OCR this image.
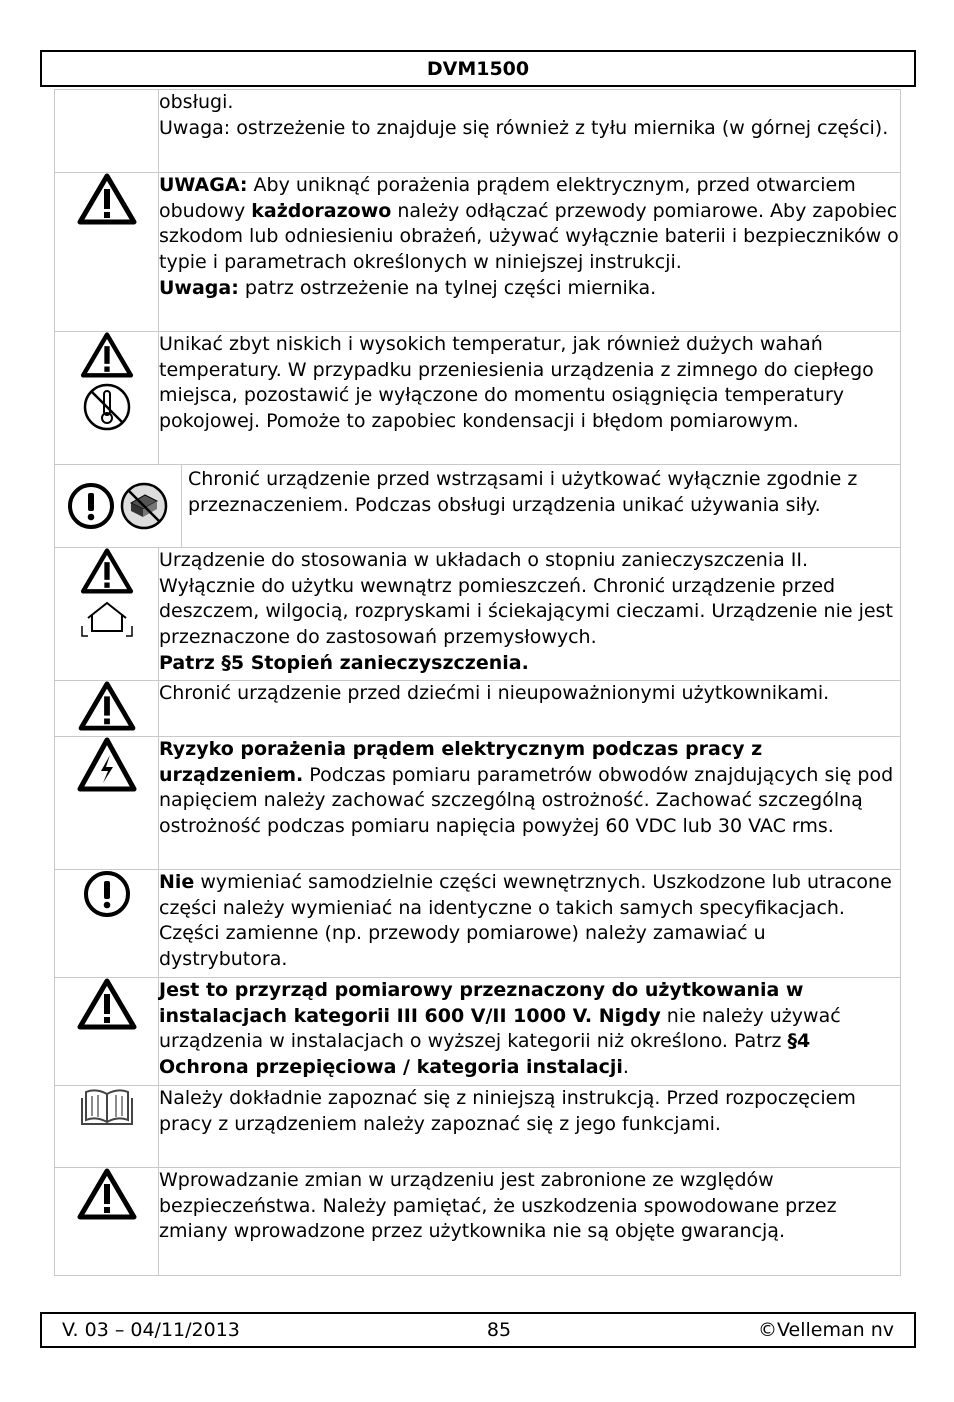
DVM1500

	obsługi.
Uwaga: ostrzeżenie to znajduje się również z tyłu miernika (w górnej części).

	UWAGA: Aby uniknąć porażenia prądem elektrycznym, przed otwarciem obudowy każdorazowo należy odłączać przewody pomiarowe. Aby zapobiec szkodom lub odniesieniu obrażeń, używać wyłącznie baterii i bezpieczników o typie i parametrach określonych w niniejszej instrukcji.
Uwaga: patrz ostrzeżenie na tylnej części miernika.

	Unikać zbyt niskich i wysokich temperatur, jak również dużych wahań temperatury. W przypadku przeniesienia urządzenia z zimnego do ciepłego miejsca, pozostawić je wyłączone do momentu osiągnięcia temperatury pokojowej. Pomoże to zapobiec kondensacji i błędom pomiarowym.

Chronić urządzenie przed wstrząsami i użytkować wyłącznie zgodnie z przeznaczeniem. Podczas obsługi urządzenia unikać używania siły.	

	Urządzenie do stosowania w układach o stopniu zanieczyszczenia II. Wyłącznie do użytku wewnątrz pomieszczeń. Chronić urządzenie przed deszczem, wilgocią, rozpryskami i ściekającymi cieczami. Urządzenie nie jest przeznaczone do zastosowań przemysłowych.
Patrz §5 Stopień zanieczyszczenia.
	Chronić urządzenie przed dziećmi i nieupoważnionymi użytkownikami.
	Ryzyko porażenia prądem elektrycznym podczas pracy z urządzeniem. Podczas pomiaru parametrów obwodów znajdujących się pod napięciem należy zachować szczególną ostrożność. Zachować szczególną ostrożność podczas pomiaru napięcia powyżej 60 VDC lub 30 VAC rms.
	Nie wymieniać samodzielnie części wewnętrznych. Uszkodzone lub utracone części należy wymieniać na identyczne o takich samych specyfikacjach. Części zamienne (np. przewody pomiarowe) należy zamawiać u dystrybutora.
	Jest to przyrząd pomiarowy przeznaczony do użytkowania w instalacjach kategorii III 600 V/II 1000 V. Nigdy nie należy używać urządzenia w instalacjach o wyższej kategorii niż określono. Patrz §4 Ochrona przepięciowa / kategoria instalacji.
	Należy dokładnie zapoznać się z niniejszą instrukcją. Przed rozpoczęciem pracy z urządzeniem należy zapoznać się z jego funkcjami.
	Wprowadzanie zmian w urządzeniu jest zabronione ze względów bezpieczeństwa. Należy pamiętać, że uszkodzenia spowodowane przez zmiany wprowadzone przez użytkownika nie są objęte gwarancją.
V. 03 – 04/11/2013	85	©Velleman nv
